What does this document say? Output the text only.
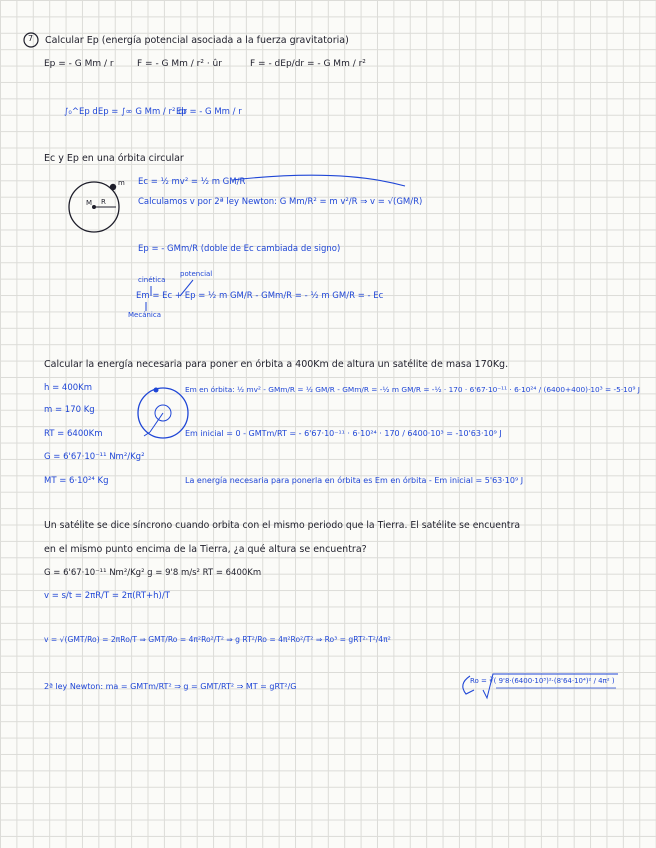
7 Calcular Ep (energía potencial asociada a la fuerza gravitatoria)
Ep = - G Mm / r	F = - G Mm / r² · ûr	F = - dEp/dr = - G Mm / r²
∫₀^Ep dEp = ∫∞ G Mm / r² dr
Ep = - G Mm / r
Ec y Ep en una órbita circular
M R
m Ec = ½ mv² = ½ m GM/R
Calculamos v por 2ª ley Newton: G Mm/R² = m v²/R ⇒ v = √(GM/R)
Ep = - GMm/R (doble de Ec cambiada de signo)
cinética
potencial
Em = Ec + Ep = ½ m GM/R - GMm/R = - ½ m GM/R = - Ec
Mecánica
Calcular la energía necesaria para poner en órbita a 400Km de altura un satélite de masa 170Kg.
h = 400Km
m = 170 Kg
RT = 6400Km
G = 6'67·10⁻¹¹ Nm²/Kg²
MT = 6·10²⁴ Kg
Em en órbita: ½ mv² - GMm/R = ½ GM/R - GMm/R = -½ m GM/R = -½ · 170 · 6'67·10⁻¹¹ · 6·10²⁴ / (6400+400)·10³ = -5·10⁹ J
Em inicial = 0 - GMTm/RT = - 6'67·10⁻¹¹ · 6·10²⁴ · 170 / 6400·10³ = -10'63·10⁹ J
La energía necesaria para ponerla en órbita es Em en órbita - Em inicial = 5'63·10⁹ J
Un satélite se dice síncrono cuando orbita con el mismo periodo que la Tierra. El satélite se encuentra
en el mismo punto encima de la Tierra, ¿a qué altura se encuentra?
G = 6'67·10⁻¹¹ Nm²/Kg² g = 9'8 m/s² RT = 6400Km
v = s/t = 2πR/T = 2π(RT+h)/T
v = √(GMT/Ro) = 2πRo/T ⇒ GMT/Ro = 4π²Ro²/T² ⇒ g RT²/Ro = 4π²Ro²/T² ⇒ Ro³ = gRT²·T²/4π²
2ª ley Newton: ma = GMTm/RT² ⇒ g = GMT/RT² ⇒ MT = gRT²/G
Ro = ∛( 9'8·(6400·10³)²·(8'64·10⁴)² / 4π² )
